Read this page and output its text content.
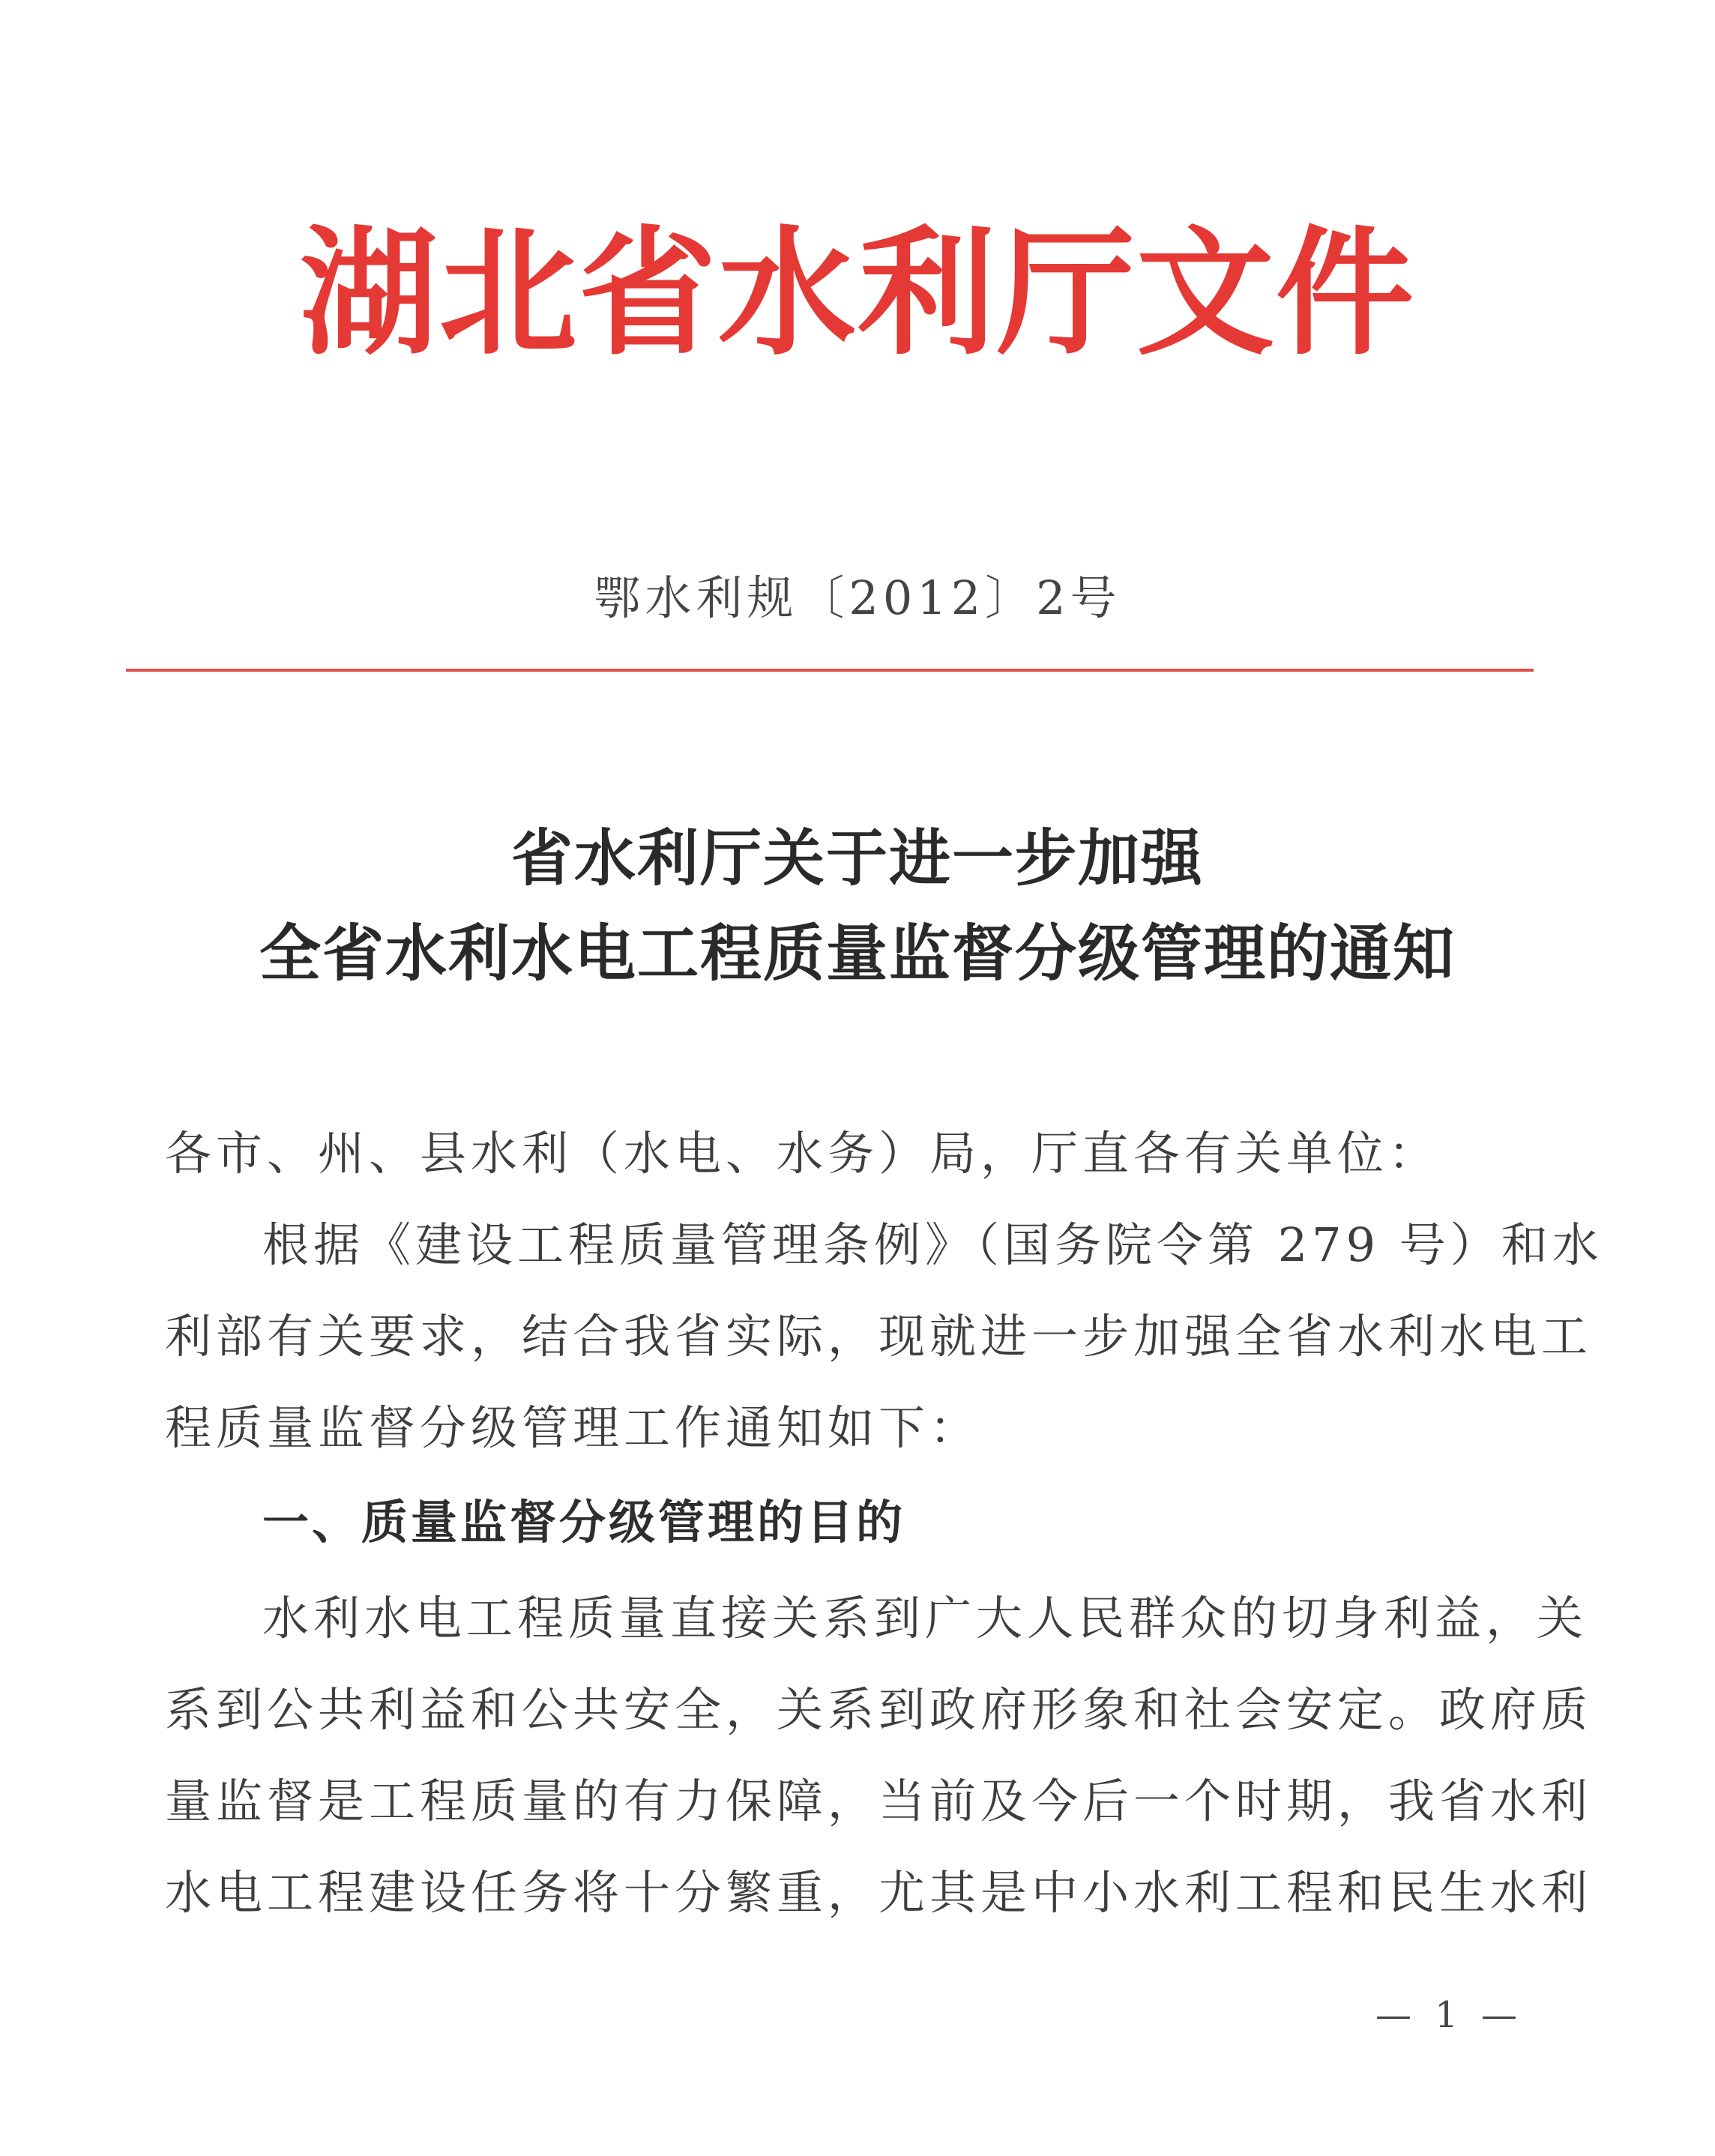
湖北省水利厅文件
鄂水利规〔2012〕2号
省水利厅关于进一步加强
全省水利水电工程质量监督分级管理的通知
各市、州、县水利（水电、水务）局，厅直各有关单位：
根据《建设工程质量管理条例》（国务院令第 279 号）和水
利部有关要求，结合我省实际，现就进一步加强全省水利水电工
程质量监督分级管理工作通知如下：
一、质量监督分级管理的目的
水利水电工程质量直接关系到广大人民群众的切身利益，关
系到公共利益和公共安全，关系到政府形象和社会安定。政府质
量监督是工程质量的有力保障，当前及今后一个时期，我省水利
水电工程建设任务将十分繁重，尤其是中小水利工程和民生水利
— 1 —
